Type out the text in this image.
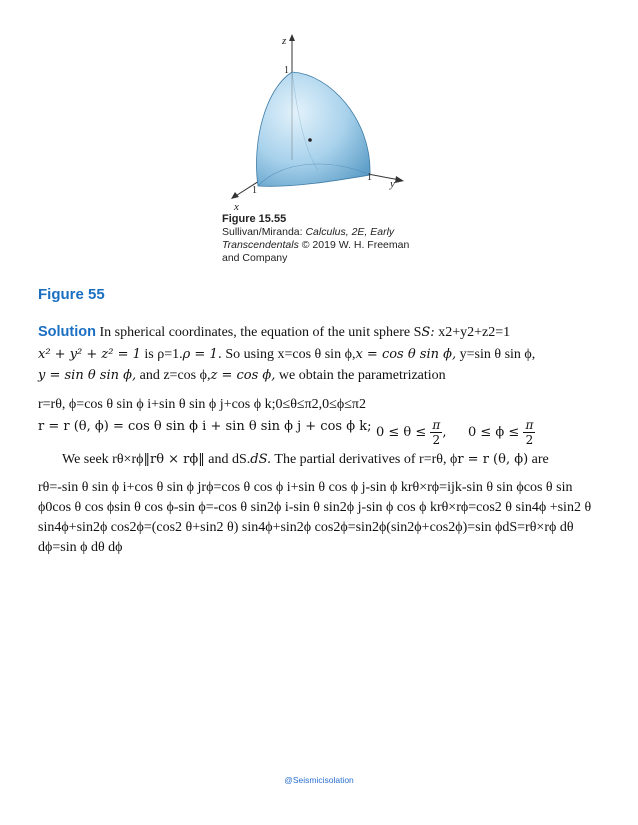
z
1
y
1
x
1
Figure 15.55
Sullivan/Miranda: Calculus, 2E, Early
Transcendentals © 2019 W. H. Freeman
and Company
Figure 55
Solution In spherical coordinates, the equation of the unit sphere SS: x2+y2+z2=1
x² + y² + z² = 1 is ρ=1.ρ = 1. So using x=cos θ sin ϕ,x = cos θ sin ϕ, y=sin θ sin ϕ,
y = sin θ sin ϕ, and z=cos ϕ,z = cos ϕ, we obtain the parametrization
r=rθ, ϕ=cos θ sin ϕ i+sin θ sin ϕ j+cos ϕ k;0≤θ≤π2,0≤ϕ≤π2
r = r (θ, ϕ) = cos θ sin ϕ i + sin θ sin ϕ j + cos ϕ k; $0 \le \theta \le \frac{\pi}{2}$ , $0 \le \phi \le \frac{\pi}{2}$
We seek rθ×rϕ‖rθ × rϕ‖ and dS.dS. The partial derivatives of r=rθ, ϕr = r (θ, ϕ) are
rθ=-sin θ sin ϕ i+cos θ sin ϕ jrϕ=cos θ cos ϕ i+sin θ cos ϕ j-sin ϕ krθ×rϕ=ijk-sin θ sin ϕcos θ sin ϕ0cos θ cos ϕsin θ cos ϕ-sin ϕ=-cos θ sin2ϕ i-sin θ sin2ϕ j-sin ϕ cos ϕ krθ×rϕ=cos2 θ sin4ϕ +sin2 θ sin4ϕ+sin2ϕ cos2ϕ=(cos2 θ+sin2 θ) sin4ϕ+sin2ϕ cos2ϕ=sin2ϕ(sin2ϕ+cos2ϕ)=sin ϕdS=rθ×rϕ dθ dϕ=sin ϕ dθ dϕ
@Seismicisolation
